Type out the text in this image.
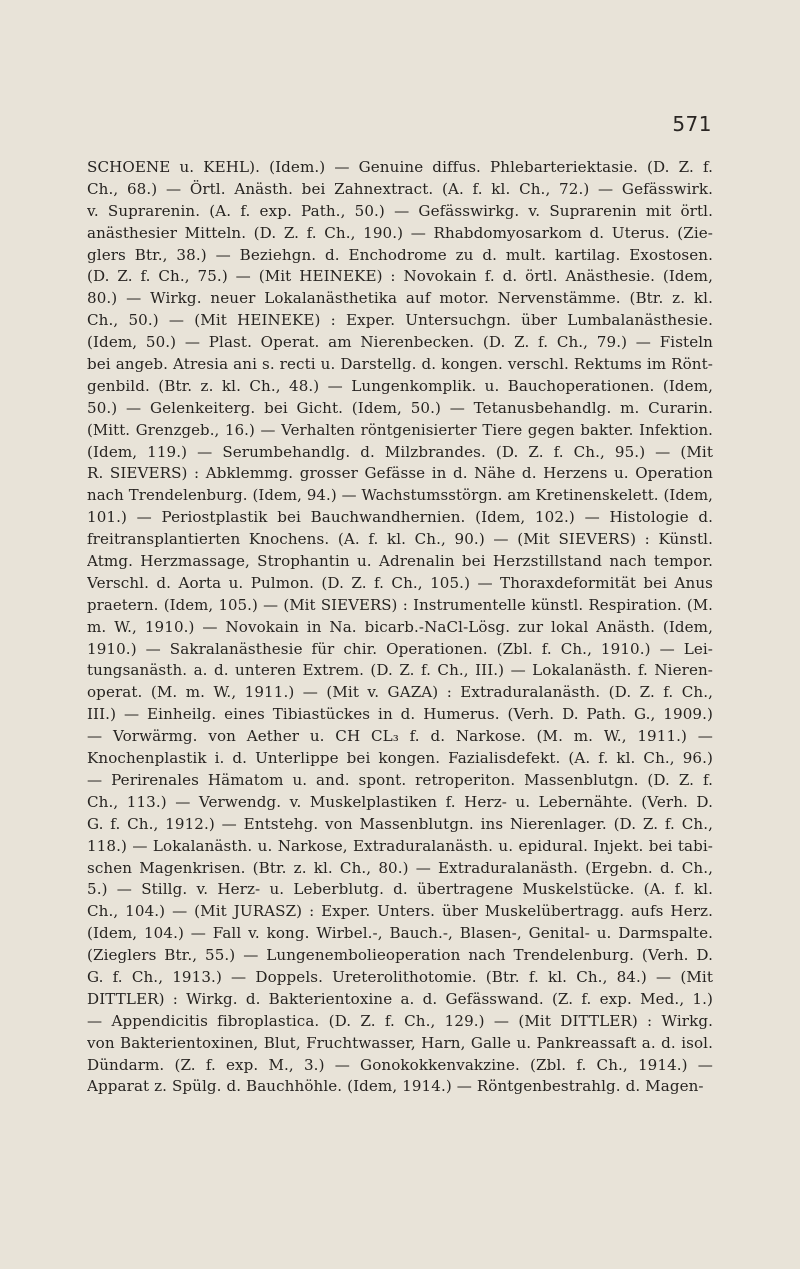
571
SCHOENE u. KEHL). (Idem.) — Genuine diffus. Phlebarteriektasie. (D. Z. f.
Ch., 68.) — Örtl. Anästh. bei Zahnextract. (A. f. kl. Ch., 72.) — Gefässwirk.
v. Suprarenin. (A. f. exp. Path., 50.) — Gefässwirkg. v. Suprarenin mit örtl.
anästhesier Mitteln. (D. Z. f. Ch., 190.) — Rhabdomyosarkom d. Uterus. (Zie-
glers Btr., 38.) — Beziehgn. d. Enchodrome zu d. mult. kartilag. Exostosen.
(D. Z. f. Ch., 75.) — (Mit HEINEKE) : Novokain f. d. örtl. Anästhesie. (Idem,
80.) — Wirkg. neuer Lokalanästhetika auf motor. Nervenstämme. (Btr. z. kl.
Ch., 50.) — (Mit HEINEKE) : Exper. Untersuchgn. über Lumbalanästhesie.
(Idem, 50.) — Plast. Operat. am Nierenbecken. (D. Z. f. Ch., 79.) — Fisteln
bei angeb. Atresia ani s. recti u. Darstellg. d. kongen. verschl. Rektums im Rönt-
genbild. (Btr. z. kl. Ch., 48.) — Lungenkomplik. u. Bauchoperationen. (Idem,
50.) — Gelenkeiterg. bei Gicht. (Idem, 50.) — Tetanusbehandlg. m. Curarin.
(Mitt. Grenzgeb., 16.) — Verhalten röntgenisierter Tiere gegen bakter. Infektion.
(Idem, 119.) — Serumbehandlg. d. Milzbrandes. (D. Z. f. Ch., 95.) — (Mit
R. SIEVERS) : Abklemmg. grosser Gefässe in d. Nähe d. Herzens u. Operation
nach Trendelenburg. (Idem, 94.) — Wachstumsstörgn. am Kretinenskelett. (Idem,
101.) — Periostplastik bei Bauchwandhernien. (Idem, 102.) — Histologie d.
freitransplantierten Knochens. (A. f. kl. Ch., 90.) — (Mit SIEVERS) : Künstl.
Atmg. Herzmassage, Strophantin u. Adrenalin bei Herzstillstand nach tempor.
Verschl. d. Aorta u. Pulmon. (D. Z. f. Ch., 105.) — Thoraxdeformität bei Anus
praetern. (Idem, 105.) — (Mit SIEVERS) : Instrumentelle künstl. Respiration. (M.
m. W., 1910.) — Novokain in Na. bicarb.-NaCl-Lösg. zur lokal Anästh. (Idem,
1910.) — Sakralanästhesie für chir. Operationen. (Zbl. f. Ch., 1910.) — Lei-
tungsanästh. a. d. unteren Extrem. (D. Z. f. Ch., III.) — Lokalanästh. f. Nieren-
operat. (M. m. W., 1911.) — (Mit v. GAZA) : Extraduralanästh. (D. Z. f. Ch.,
III.) — Einheilg. eines Tibiastückes in d. Humerus. (Verh. D. Path. G., 1909.)
— Vorwärmg. von Aether u. CH CL₃ f. d. Narkose. (M. m. W., 1911.) —
Knochenplastik i. d. Unterlippe bei kongen. Fazialisdefekt. (A. f. kl. Ch., 96.)
— Perirenales Hämatom u. and. spont. retroperiton. Massenblutgn. (D. Z. f.
Ch., 113.) — Verwendg. v. Muskelplastiken f. Herz- u. Lebernähte. (Verh. D.
G. f. Ch., 1912.) — Entstehg. von Massenblutgn. ins Nierenlager. (D. Z. f. Ch.,
118.) — Lokalanästh. u. Narkose, Extraduralanästh. u. epidural. Injekt. bei tabi-
schen Magenkrisen. (Btr. z. kl. Ch., 80.) — Extraduralanästh. (Ergebn. d. Ch.,
5.) — Stillg. v. Herz- u. Leberblutg. d. übertragene Muskelstücke. (A. f. kl.
Ch., 104.) — (Mit JURASZ) : Exper. Unters. über Muskelübertragg. aufs Herz.
(Idem, 104.) — Fall v. kong. Wirbel.-, Bauch.-, Blasen-, Genital- u. Darmspalte.
(Zieglers Btr., 55.) — Lungenembolieoperation nach Trendelenburg. (Verh. D.
G. f. Ch., 1913.) — Doppels. Ureterolithotomie. (Btr. f. kl. Ch., 84.) — (Mit
DITTLER) : Wirkg. d. Bakterientoxine a. d. Gefässwand. (Z. f. exp. Med., 1.)
— Appendicitis fibroplastica. (D. Z. f. Ch., 129.) — (Mit DITTLER) : Wirkg.
von Bakterientoxinen, Blut, Fruchtwasser, Harn, Galle u. Pankreassaft a. d. isol.
Dündarm. (Z. f. exp. M., 3.) — Gonokokkenvakzine. (Zbl. f. Ch., 1914.) —
Apparat z. Spülg. d. Bauchhöhle. (Idem, 1914.) — Röntgenbestrahlg. d. Magen-
